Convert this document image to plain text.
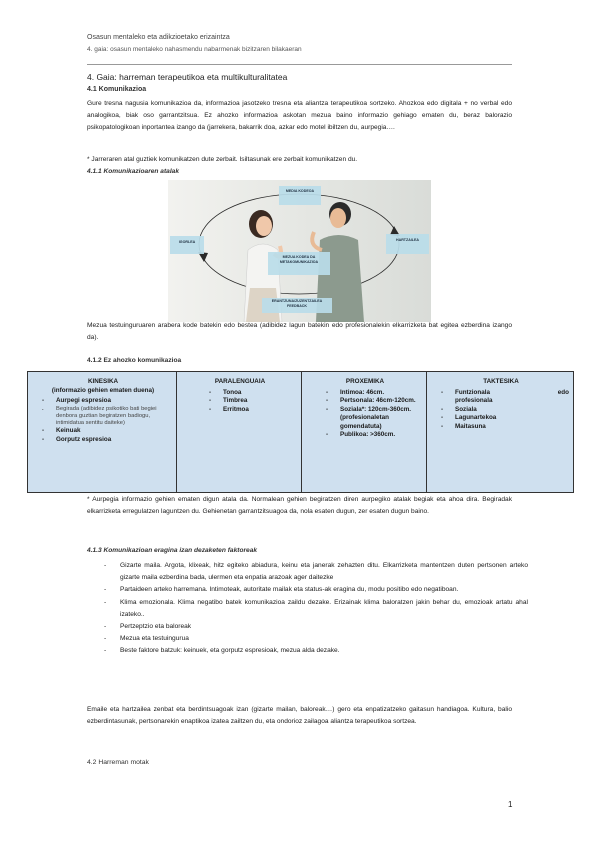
Osasun mentaleko eta adikzioetako erizaintza
4. gaia: osasun mentaleko nahasmendu nabarmenak bizitzaren bilakaeran
4. Gaia: harreman terapeutikoa eta multikulturalitatea
4.1 Komunikazioa
Gure tresna nagusia komunikazioa da, informazioa jasotzeko tresna eta aliantza terapeutikoa sortzeko. Ahozkoa edo digitala + no verbal edo analogikoa, biak oso garrantzitsua. Ez ahozko informazioa askotan mezua baino informazio gehiago ematen du, beraz balorazio psikopatologikoan inportantea izango da (jarrekera, bakarrik doa, azkar edo motel ibiltzen du, aurpegia….
* Jarreraren atal guztiek komunikatzen dute zerbait. Isiltasunak ere zerbait komunikatzen du.
4.1.1 Komunikazioaren atalak
MEDIA KODEOA
IGORLEA	HARTZAILEA
MEZUA KODEA DA METAKOMUNIKAZIOA
ERANTZUNA/ZUZENTZAILEA FEEDBACK
Mezua testuinguruaren arabera kode batekin edo bestea (adibidez lagun batekin edo profesionalekin elkarrizketa bat egitea ezberdina izango da).
4.1.2 Ez ahozko komunikazioa
KINESIKA
(informazio gehien ematen duena)
- Aurpegi espresioa
. Begirada (adibidez psikotiko bati begiei denbora guztian begiratzen badiogu, intimidatua sentitu daiteke)
- Keinuak
- Gorputz espresioa

PARALENGUAIA
- Tonoa
- Timbrea
- Erritmoa

PROXEMIKA
- Intimoa: 46cm.
- Pertsonala: 46cm-120cm.
- Soziala*: 120cm-360cm. (profesionaletan gomendatuta)
- Publikoa: >360cm.

TAKTESIKA
- Funtzionala	edo
profesionala
- Soziala
- Lagunartekoa
- Maitasuna
* Aurpegia informazio gehien ematen digun atala da. Normalean gehien begiratzen diren aurpegiko atalak begiak eta ahoa dira. Begiradak elkarrizketa erregulatzen laguntzen du. Gehienetan garrantzitsuagoa da, nola esaten dugun, zer esaten dugun baino.
4.1.3 Komunikazioan eragina izan dezaketen faktoreak
- Gizarte maila. Argota, klixeak, hitz egiteko abiadura, keinu eta janerak zehazten ditu. Elkarrizketa mantentzen duten pertsonen arteko gizarte maila ezberdina bada, ulermen eta enpatia arazoak ager daitezke
- Partaideen arteko harremana. Intimoteak, autoritate mailak eta status-ak eragina du, modu positibo edo negatiboan.
- Klima emozionala. Klima negatibo batek komunikazioa zaildu dezake. Erizainak klima baloratzen jakin behar du, emozioak artatu ahal izateko..
- Pertzeptzio eta baloreak
- Mezua eta testuingurua
- Beste faktore batzuk: keinuek, eta gorputz espresioak, mezua alda dezake.
Emaile eta hartzailea zenbat eta berdintsuagoak izan (gizarte mailan, baloreak…) gero eta enpatizatzeko gaitasun handiagoa. Kultura, balio ezberdintasunak, pertsonarekin enaptikoa izatea zailtzen du, eta ondorioz zailagoa aliantza terapeutikoa sortzea.
4.2 Harreman motak
1
